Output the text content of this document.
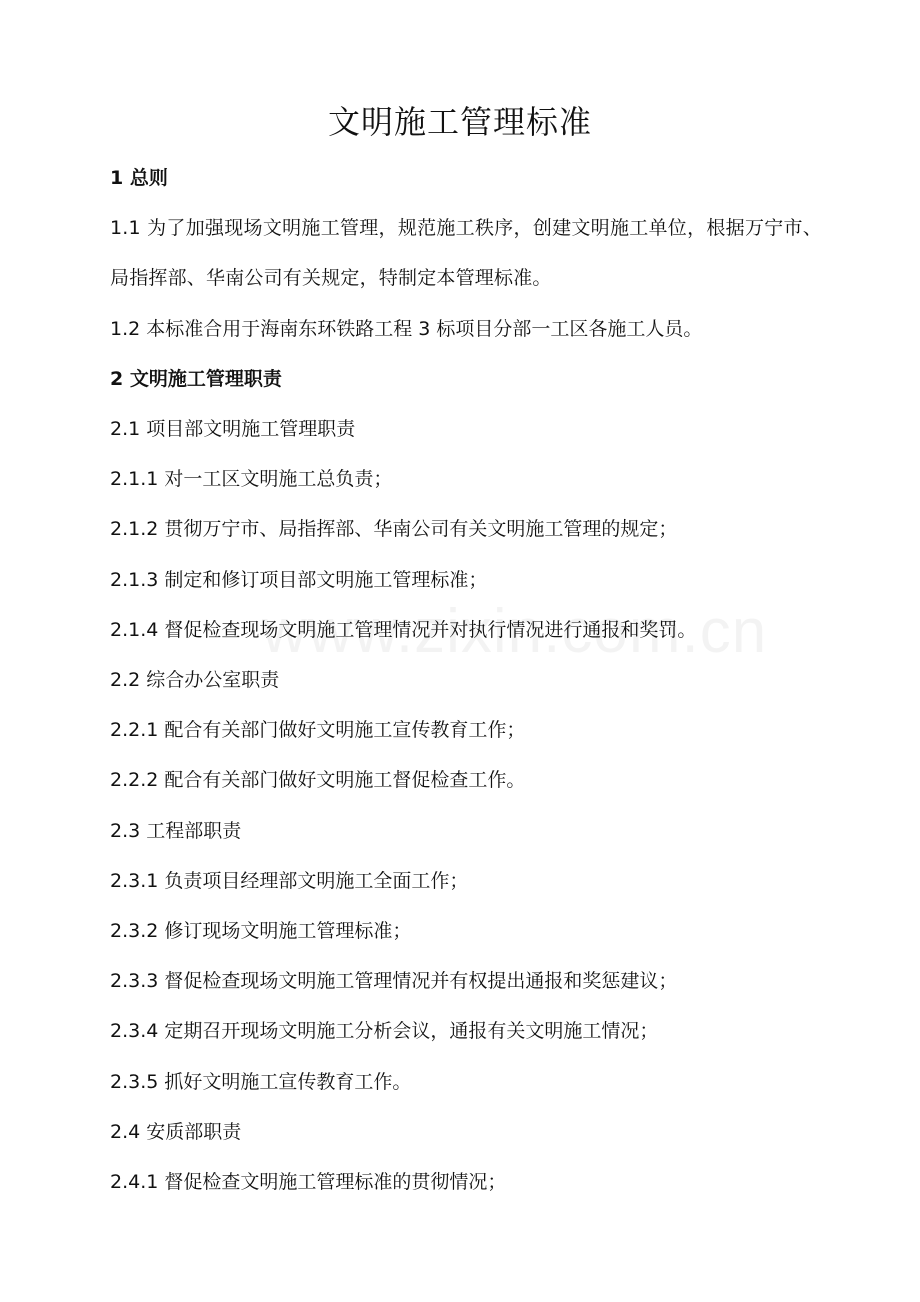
文明施工管理标准

1 总则

1.1 为了加强现场文明施工管理，规范施工秩序，创建文明施工单位，根据万宁市、局指挥部、华南公司有关规定，特制定本管理标准。

1.2 本标准合用于海南东环铁路工程 3 标项目分部一工区各施工人员。

2 文明施工管理职责

2.1 项目部文明施工管理职责

2.1.1 对一工区文明施工总负责；

2.1.2 贯彻万宁市、局指挥部、华南公司有关文明施工管理的规定；

2.1.3 制定和修订项目部文明施工管理标准；

2.1.4 督促检查现场文明施工管理情况并对执行情况进行通报和奖罚。

2.2 综合办公室职责

2.2.1 配合有关部门做好文明施工宣传教育工作；

2.2.2 配合有关部门做好文明施工督促检查工作。

2.3 工程部职责

2.3.1 负责项目经理部文明施工全面工作；

2.3.2 修订现场文明施工管理标准；

2.3.3 督促检查现场文明施工管理情况并有权提出通报和奖惩建议；

2.3.4 定期召开现场文明施工分析会议，通报有关文明施工情况；

2.3.5 抓好文明施工宣传教育工作。

2.4 安质部职责

2.4.1 督促检查文明施工管理标准的贯彻情况；
